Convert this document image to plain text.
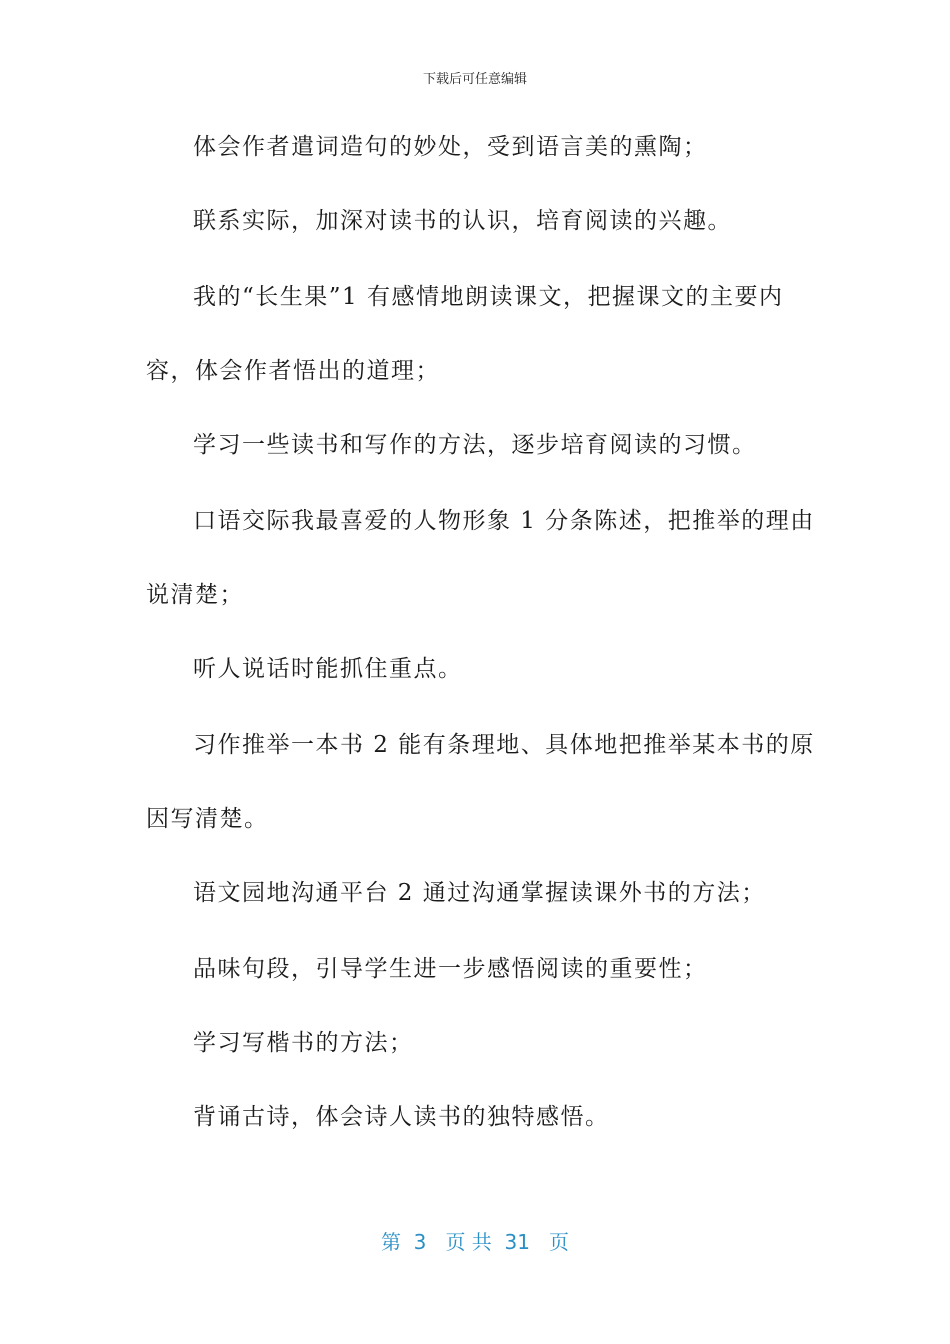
下载后可任意编辑
体会作者遣词造句的妙处，受到语言美的熏陶；
联系实际，加深对读书的认识，培育阅读的兴趣。
我的“长生果”1 有感情地朗读课文，把握课文的主要内
容，体会作者悟出的道理；
学习一些读书和写作的方法，逐步培育阅读的习惯。
口语交际我最喜爱的人物形象 1 分条陈述，把推举的理由
说清楚；
听人说话时能抓住重点。
习作推举一本书 2 能有条理地、具体地把推举某本书的原
因写清楚。
语文园地沟通平台 2 通过沟通掌握读课外书的方法；
品味句段，引导学生进一步感悟阅读的重要性；
学习写楷书的方法；
背诵古诗，体会诗人读书的独特感悟。
第  3   页 共  31   页
